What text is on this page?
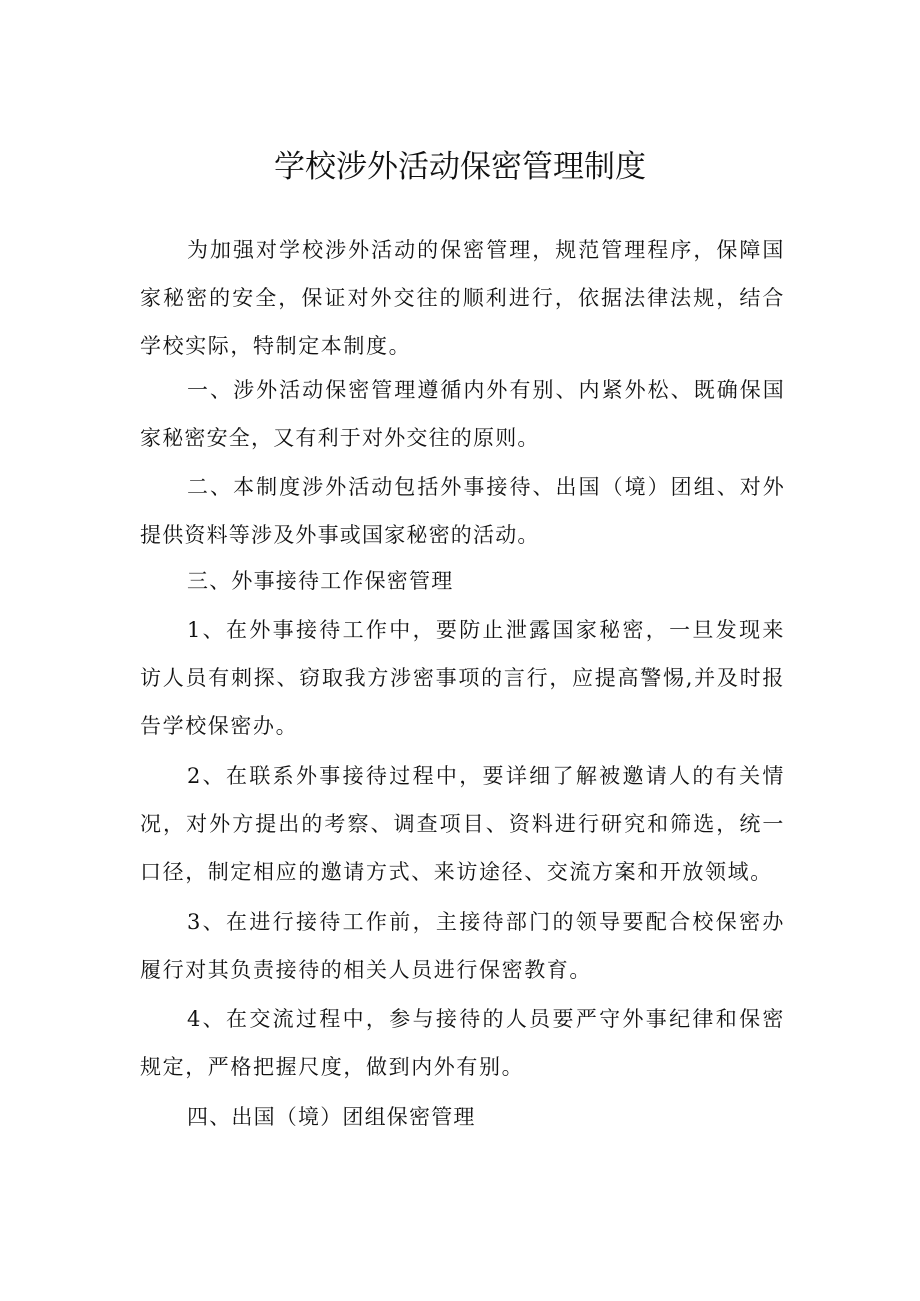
学校涉外活动保密管理制度

为加强对学校涉外活动的保密管理，规范管理程序，保障国家秘密的安全，保证对外交往的顺利进行，依据法律法规，结合学校实际，特制定本制度。

一、涉外活动保密管理遵循内外有别、内紧外松、既确保国家秘密安全，又有利于对外交往的原则。

二、本制度涉外活动包括外事接待、出国（境）团组、对外提供资料等涉及外事或国家秘密的活动。

三、外事接待工作保密管理

1、在外事接待工作中，要防止泄露国家秘密，一旦发现来访人员有刺探、窃取我方涉密事项的言行，应提高警惕,并及时报告学校保密办。

2、在联系外事接待过程中，要详细了解被邀请人的有关情况，对外方提出的考察、调查项目、资料进行研究和筛选，统一口径，制定相应的邀请方式、来访途径、交流方案和开放领域。

3、在进行接待工作前，主接待部门的领导要配合校保密办履行对其负责接待的相关人员进行保密教育。

4、在交流过程中，参与接待的人员要严守外事纪律和保密规定，严格把握尺度，做到内外有别。

四、出国（境）团组保密管理
